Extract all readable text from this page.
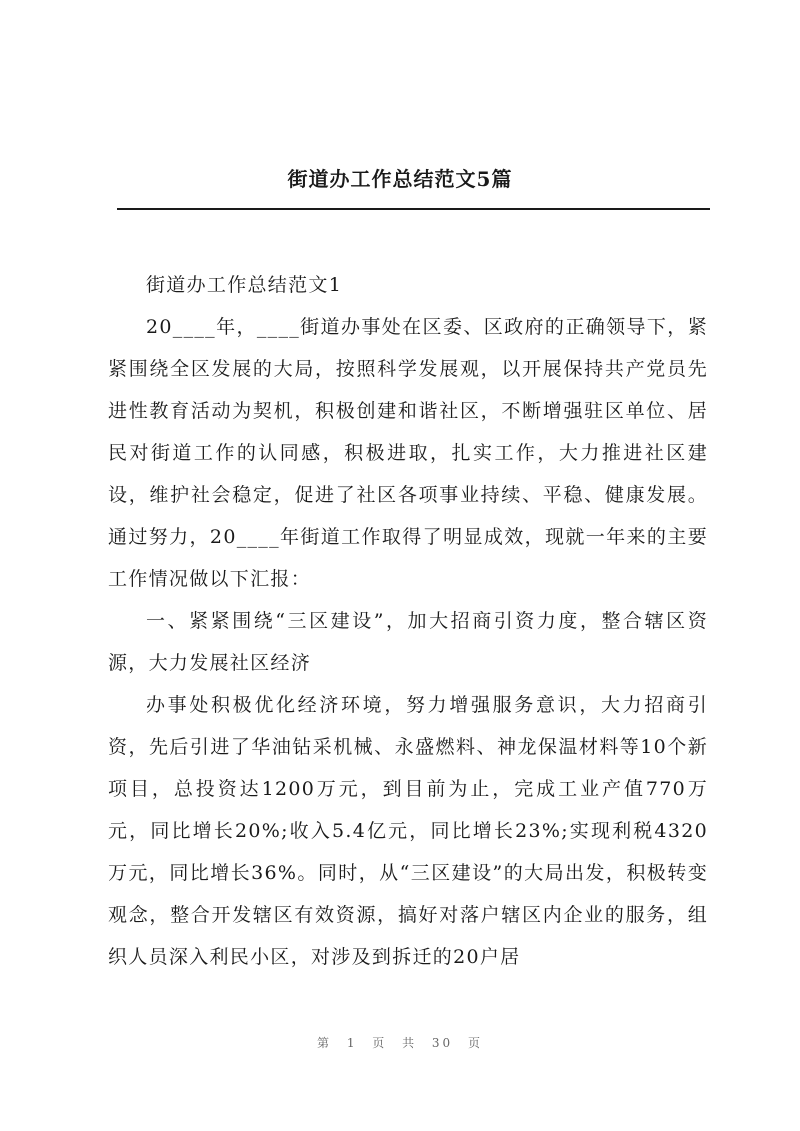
街道办工作总结范文5篇

街道办工作总结范文1

20____年，____街道办事处在区委、区政府的正确领导下，紧紧围绕全区发展的大局，按照科学发展观，以开展保持共产党员先进性教育活动为契机，积极创建和谐社区，不断增强驻区单位、居民对街道工作的认同感，积极进取，扎实工作，大力推进社区建设，维护社会稳定，促进了社区各项事业持续、平稳、健康发展。通过努力，20____年街道工作取得了明显成效，现就一年来的主要工作情况做以下汇报：

一、紧紧围绕“三区建设”，加大招商引资力度，整合辖区资源，大力发展社区经济

办事处积极优化经济环境，努力增强服务意识，大力招商引资，先后引进了华油钻采机械、永盛燃料、神龙保温材料等10个新项目，总投资达1200万元，到目前为止，完成工业产值770万元，同比增长20%;收入5.4亿元，同比增长23%;实现利税4320万元，同比增长36%。同时，从“三区建设”的大局出发，积极转变观念，整合开发辖区有效资源，搞好对落户辖区内企业的服务，组织人员深入利民小区，对涉及到拆迁的20户居

第 1 页 共 30 页
